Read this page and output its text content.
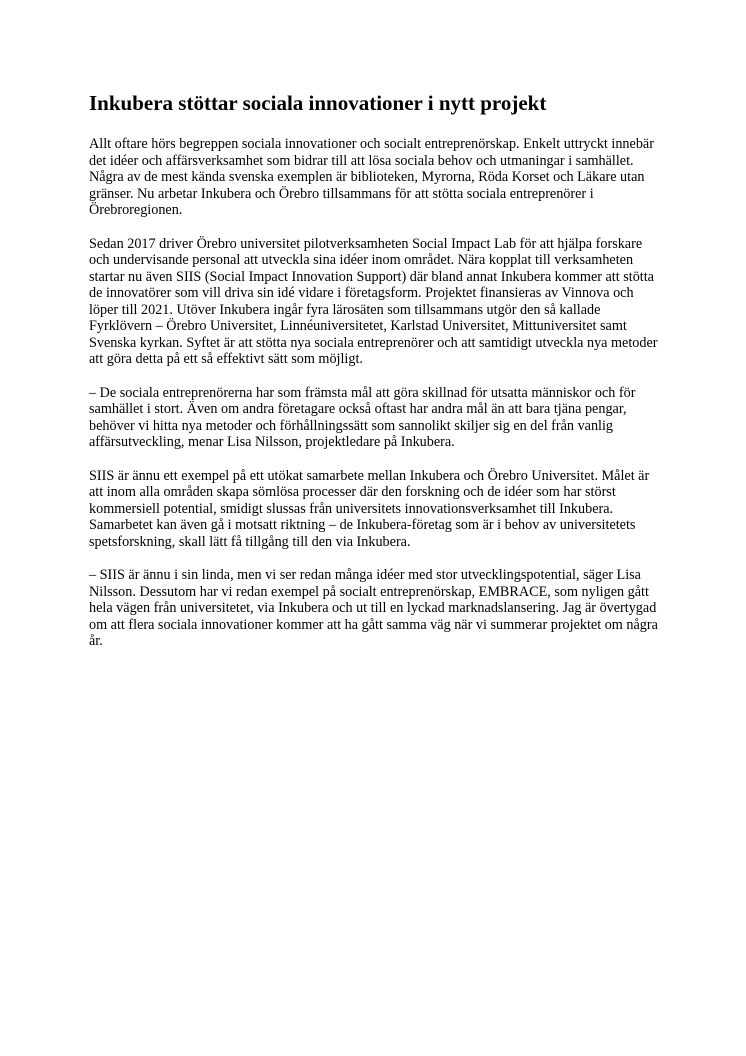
Inkubera stöttar sociala innovationer i nytt projekt

Allt oftare hörs begreppen sociala innovationer och socialt entreprenörskap. Enkelt uttryckt innebär det idéer och affärsverksamhet som bidrar till att lösa sociala behov och utmaningar i samhället. Några av de mest kända svenska exemplen är biblioteken, Myrorna, Röda Korset och Läkare utan gränser. Nu arbetar Inkubera och Örebro tillsammans för att stötta sociala entreprenörer i Örebroregionen.

Sedan 2017 driver Örebro universitet pilotverksamheten Social Impact Lab för att hjälpa forskare och undervisande personal att utveckla sina idéer inom området. Nära kopplat till verksamheten startar nu även SIIS (Social Impact Innovation Support) där bland annat Inkubera kommer att stötta de innovatörer som vill driva sin idé vidare i företagsform. Projektet finansieras av Vinnova och löper till 2021. Utöver Inkubera ingår fyra lärosäten som tillsammans utgör den så kallade Fyrklövern – Örebro Universitet, Linnéuniversitetet, Karlstad Universitet, Mittuniversitet samt Svenska kyrkan. Syftet är att stötta nya sociala entreprenörer och att samtidigt utveckla nya metoder att göra detta på ett så effektivt sätt som möjligt.

– De sociala entreprenörerna har som främsta mål att göra skillnad för utsatta människor och för samhället i stort. Även om andra företagare också oftast har andra mål än att bara tjäna pengar, behöver vi hitta nya metoder och förhållningssätt som sannolikt skiljer sig en del från vanlig affärsutveckling, menar Lisa Nilsson, projektledare på Inkubera.

SIIS är ännu ett exempel på ett utökat samarbete mellan Inkubera och Örebro Universitet. Målet är att inom alla områden skapa sömlösa processer där den forskning och de idéer som har störst kommersiell potential, smidigt slussas från universitets innovationsverksamhet till Inkubera. Samarbetet kan även gå i motsatt riktning – de Inkubera-företag som är i behov av universitetets spetsforskning, skall lätt få tillgång till den via Inkubera.

– SIIS är ännu i sin linda, men vi ser redan många idéer med stor utvecklingspotential, säger Lisa Nilsson. Dessutom har vi redan exempel på socialt entreprenörskap, EMBRACE, som nyligen gått hela vägen från universitetet, via Inkubera och ut till en lyckad marknadslansering. Jag är övertygad om att flera sociala innovationer kommer att ha gått samma väg när vi summerar projektet om några år.
